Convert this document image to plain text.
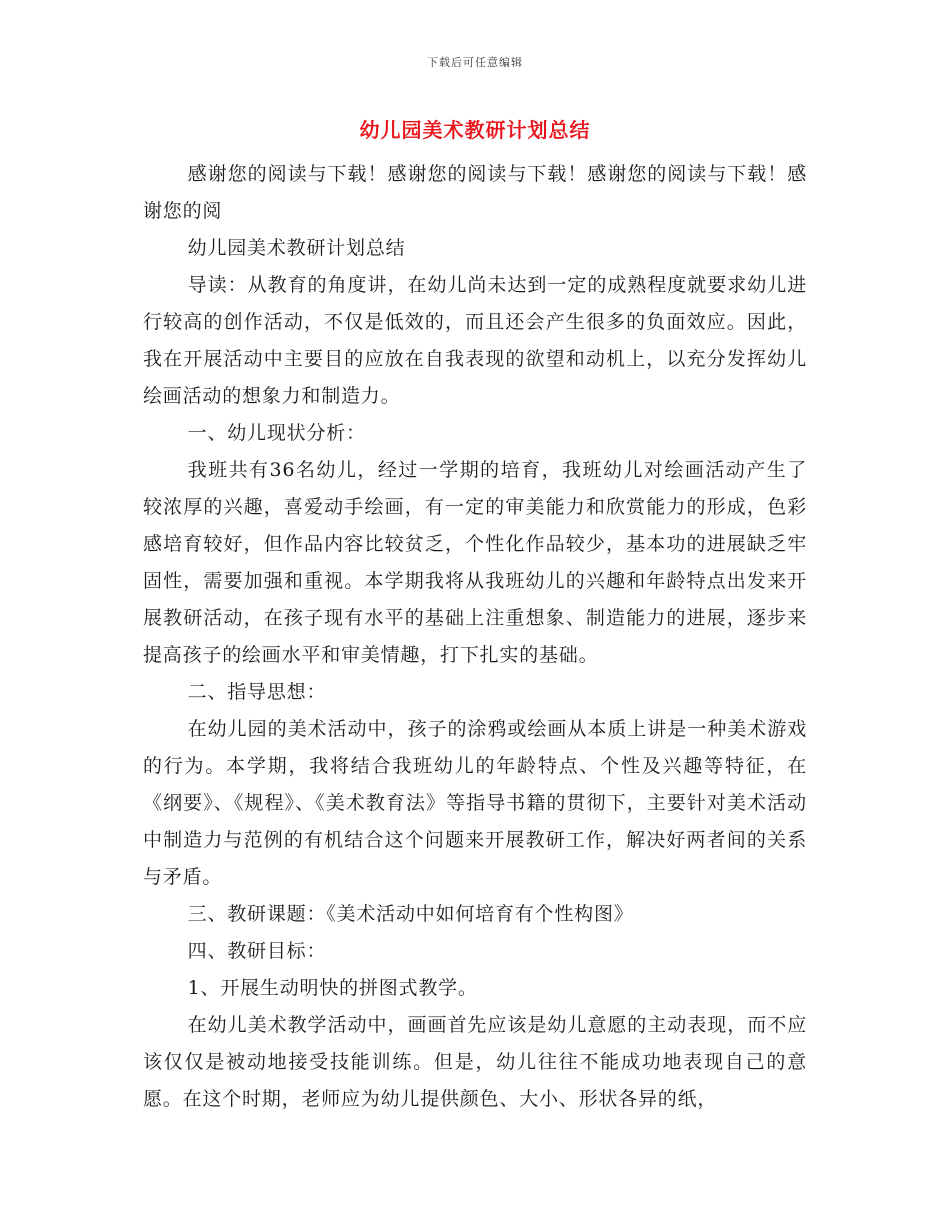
下载后可任意编辑
幼儿园美术教研计划总结

感谢您的阅读与下载！感谢您的阅读与下载！感谢您的阅读与下载！感谢您的阅

幼儿园美术教研计划总结

导读：从教育的角度讲，在幼儿尚未达到一定的成熟程度就要求幼儿进行较高的创作活动，不仅是低效的，而且还会产生很多的负面效应。因此，我在开展活动中主要目的应放在自我表现的欲望和动机上，以充分发挥幼儿绘画活动的想象力和制造力。

一、幼儿现状分析：

我班共有36名幼儿，经过一学期的培育，我班幼儿对绘画活动产生了较浓厚的兴趣，喜爱动手绘画，有一定的审美能力和欣赏能力的形成，色彩感培育较好，但作品内容比较贫乏，个性化作品较少，基本功的进展缺乏牢固性，需要加强和重视。本学期我将从我班幼儿的兴趣和年龄特点出发来开展教研活动，在孩子现有水平的基础上注重想象、制造能力的进展，逐步来提高孩子的绘画水平和审美情趣，打下扎实的基础。

二、指导思想：

在幼儿园的美术活动中，孩子的涂鸦或绘画从本质上讲是一种美术游戏的行为。本学期，我将结合我班幼儿的年龄特点、个性及兴趣等特征，在《纲要》、《规程》、《美术教育法》等指导书籍的贯彻下，主要针对美术活动中制造力与范例的有机结合这个问题来开展教研工作，解决好两者间的关系与矛盾。

三、教研课题：《美术活动中如何培育有个性构图》

四、教研目标：

1、开展生动明快的拼图式教学。

在幼儿美术教学活动中，画画首先应该是幼儿意愿的主动表现，而不应该仅仅是被动地接受技能训练。但是，幼儿往往不能成功地表现自己的意愿。在这个时期，老师应为幼儿提供颜色、大小、形状各异的纸，
